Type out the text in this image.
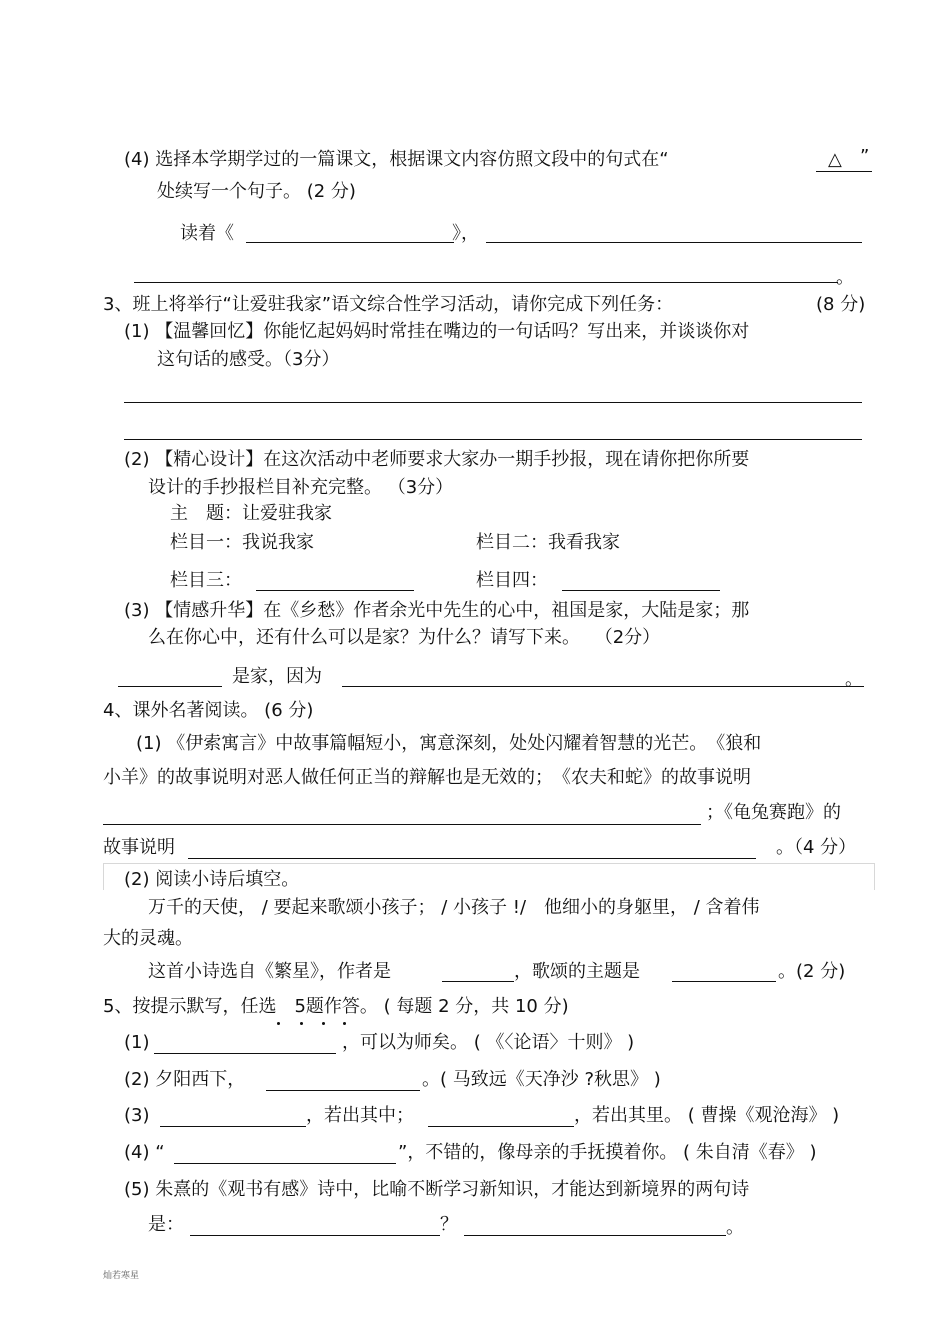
(4) 选择本学期学过的一篇课文，根据课文内容仿照文段中的句式在“	△ ”
处续写一个句子。 (2 分)
读着《	》，
。
3、班上将举行“让爱驻我家”语文综合性学习活动，请你完成下列任务：	(8 分)
(1) 【温馨回忆】你能忆起妈妈时常挂在嘴边的一句话吗？写出来，并谈谈你对
这句话的感受。（3分）
(2) 【精心设计】在这次活动中老师要求大家办一期手抄报，现在请你把你所要
设计的手抄报栏目补充完整。 （3分）
主　题：让爱驻我家
栏目一：我说我家	栏目二：我看我家
栏目三：	栏目四：
(3) 【情感升华】在《乡愁》作者余光中先生的心中，祖国是家，大陆是家；那
么在你心中，还有什么可以是家？为什么？请写下来。　 （2分）
是家，因为	。
4、课外名著阅读。 (6 分)
(1) 《伊索寓言》中故事篇幅短小，寓意深刻，处处闪耀着智慧的光芒。　《狼和
小羊》的故事说明对恶人做任何正当的辩解也是无效的；　《农夫和蛇》的故事说明
；《龟兔赛跑》的
故事说明	。（4 分）
(2) 阅读小诗后填空。
万千的天使， / 要起来歌颂小孩子； / 小孩子 !/　他细小的身躯里， / 含着伟
大的灵魂。
这首小诗选自《繁星》，作者是	，歌颂的主题是	。(2 分)
5、按提示默写，任选　5题作答。 ( 每题 2 分，共 10 分)
(1)	，可以为师矣。 ( 《〈论语〉十则》 )
(2) 夕阳西下，	。( 马致远《天净沙 ?秋思》 )
(3)	，若出其中；	，若出其里。 ( 曹操《观沧海》 )
(4) “	”，不错的，像母亲的手抚摸着你。 ( 朱自清《春》 )
(5) 朱熹的《观书有感》诗中，比喻不断学习新知识，才能达到新境界的两句诗
是：	？	。
灿若寒星
